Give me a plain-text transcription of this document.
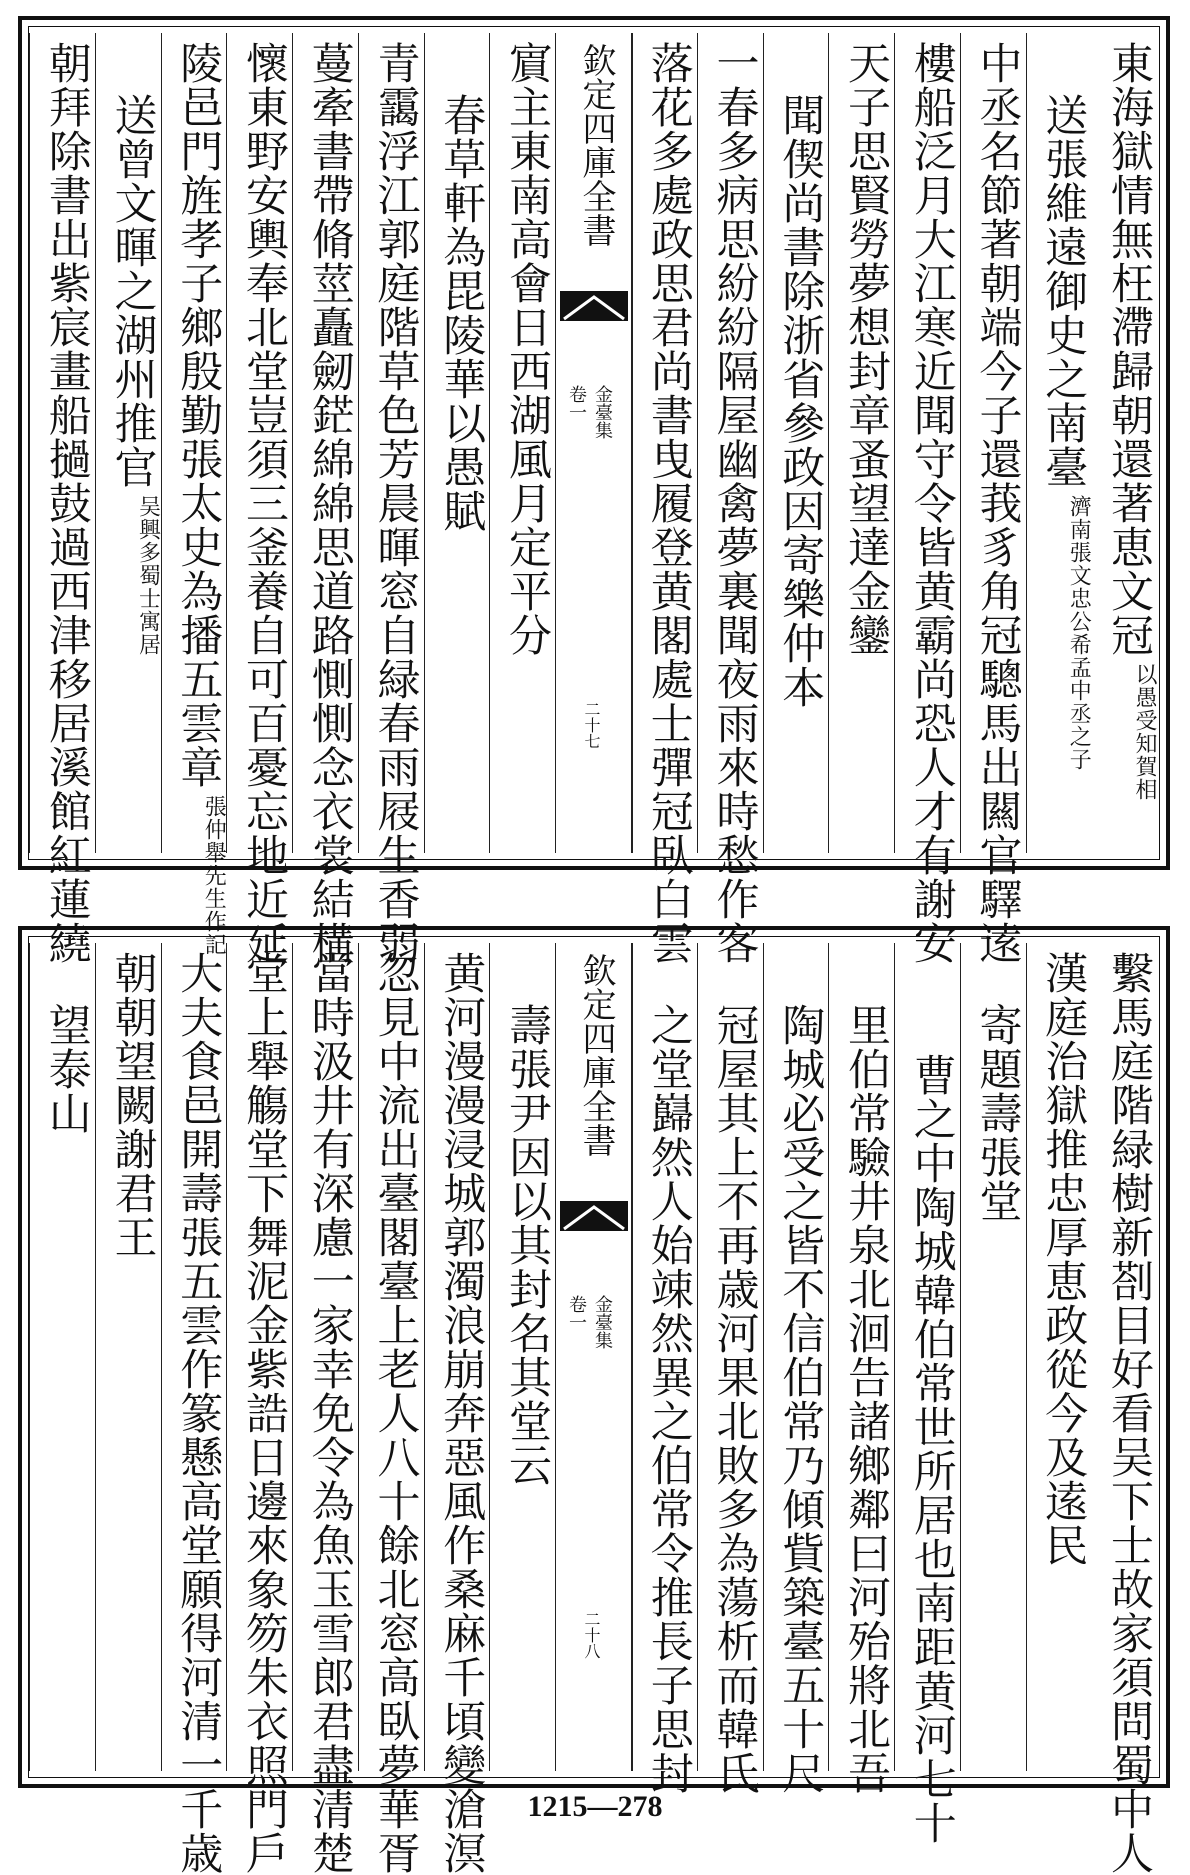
東海獄情無枉滯歸朝還著恵文冠
以愚受知賀相
送張維遠御史之南臺
濟南張文忠公希孟中丞之子
中丞名節著朝端今子還莪豸角冠驄馬出闗官驛逺
樓船泛月大江寒近聞守令皆黄霸尚恐人才有謝安
天子思賢勞夢想封章蚤望達金鑾
聞偰尚書除浙省參政因寄樂仲本
一春多病思紛紛隔屋幽禽夢裏聞夜雨來時愁作客
落花多處政思君尚書曳履登黄閣處士彈冠臥白雲
欽定四庫全書
金臺集
卷一
二十七
賔主東南高會日西湖風月定平分
春草軒為毘陵華以愚賦
青靄浮江郭庭階草色芳晨暉窓自緑春雨屐生香弱
蔓牽書帶脩莖矗劒鋩綿綿思道路惻惻念衣裳結構
懷東野安輿奉北堂豈須三釜養自可百憂忘地近延
陵邑門旌孝子鄉殷勤張太史為播五雲章
張仲舉先生作記
送曾文暉之湖州推官
吴興多蜀士寓居
朝拜除書出紫宸畫船撾鼓過西津移居溪館紅蓮繞
繫馬庭階緑樹新剳目好看吴下士故家須問蜀中人
漢庭治獄推忠厚恵政從今及逺民
寄題壽張堂
曹之中陶城韓伯常世所居也南距黄河七十
里伯常驗井泉北洄告諸鄉鄰曰河殆將北吾
陶城必受之皆不信伯常乃傾貲築臺五十尺
冠屋其上不再歳河果北敗多為蕩析而韓氏
之堂巋然人始竦然異之伯常令推長子思封
欽定四庫全書
金臺集
卷一
二十八
壽張尹因以其封名其堂云
黄河漫漫浸城郭濁浪崩奔惡風作桑麻千頃變滄溟
忽見中流出臺閣臺上老人八十餘北窓高臥夢華胥
當時汲井有深慮一家幸免令為魚玉雪郎君盡清楚
堂上舉觴堂下舞泥金紫誥日邊來象笏朱衣照門戶
大夫食邑開壽張五雲作篆懸高堂願得河清一千歳
朝朝望闕謝君王
望泰山
1215—278
